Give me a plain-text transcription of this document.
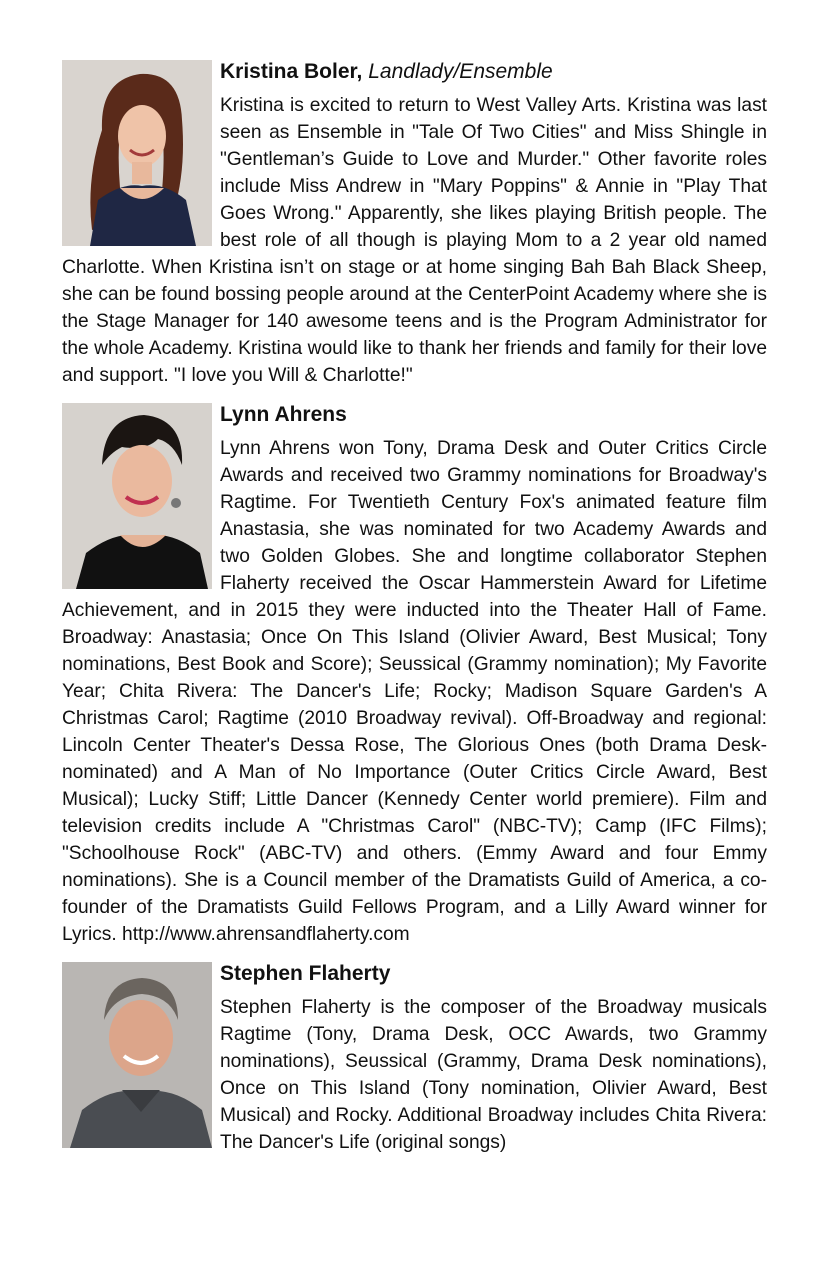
Kristina Boler, Landlady/Ensemble

Kristina is excited to return to West Valley Arts. Kristina was last seen as Ensemble in "Tale Of Two Cities" and Miss Shingle in "Gentleman’s Guide to Love and Murder." Other favorite roles include Miss Andrew in "Mary Poppins" & Annie in "Play That Goes Wrong." Apparently, she likes playing British people. The best role of all though is playing Mom to a 2 year old named Charlotte. When Kristina isn’t on stage or at home singing Bah Bah Black Sheep, she can be found bossing people around at the CenterPoint Academy where she is the Stage Manager for 140 awesome teens and is the Program Administrator for the whole Academy. Kristina would like to thank her friends and family for their love and support. "I love you Will & Charlotte!"

Lynn Ahrens

Lynn Ahrens won Tony, Drama Desk and Outer Critics Circle Awards and received two Grammy nominations for Broadway's Ragtime. For Twentieth Century Fox's animated feature film Anastasia, she was nominated for two Academy Awards and two Golden Globes. She and longtime collaborator Stephen Flaherty received the Oscar Hammerstein Award for Lifetime Achievement, and in 2015 they were inducted into the Theater Hall of Fame. Broadway: Anastasia; Once On This Island (Olivier Award, Best Musical; Tony nominations, Best Book and Score); Seussical (Grammy nomination); My Favorite Year; Chita Rivera: The Dancer's Life; Rocky; Madison Square Garden's A Christmas Carol; Ragtime (2010 Broadway revival). Off-Broadway and regional: Lincoln Center Theater's Dessa Rose, The Glorious Ones (both Drama Desk-nominated) and A Man of No Importance (Outer Critics Circle Award, Best Musical); Lucky Stiff; Little Dancer (Kennedy Center world premiere). Film and television credits include A "Christmas Carol" (NBC-TV); Camp (IFC Films); "Schoolhouse Rock" (ABC-TV) and others. (Emmy Award and four Emmy nominations). She is a Council member of the Dramatists Guild of America, a co-founder of the Dramatists Guild Fellows Program, and a Lilly Award winner for Lyrics. http://www.ahrensandflaherty.com

Stephen Flaherty

Stephen Flaherty is the composer of the Broadway musicals Ragtime (Tony, Drama Desk, OCC Awards, two Grammy nominations), Seussical (Grammy, Drama Desk nominations), Once on This Island (Tony nomination, Olivier Award, Best Musical) and Rocky. Additional Broadway includes Chita Rivera: The Dancer's Life (original songs)
